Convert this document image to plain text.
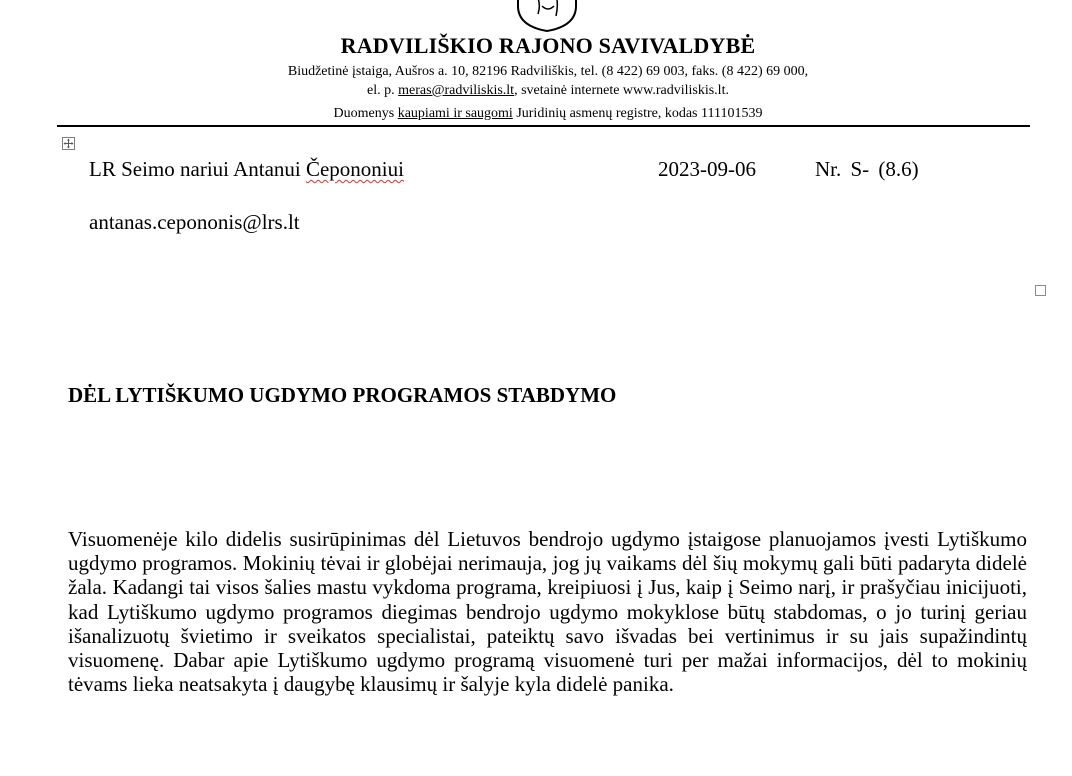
RADVILIŠKIO RAJONO SAVIVALDYBĖ
Biudžetinė įstaiga, Aušros a. 10, 82196 Radviliškis, tel. (8 422) 69 003, faks. (8 422) 69 000,
el. p. meras@radviliskis.lt, svetainė internete www.radviliskis.lt.
Duomenys kaupiami ir saugomi Juridinių asmenų registre, kodas 111101539
LR Seimo nariui Antanui Čepononiui	2023-09-06	Nr. S- (8.6)
antanas.cepononis@lrs.lt
DĖL LYTIŠKUMO UGDYMO PROGRAMOS STABDYMO
Visuomenėje kilo didelis susirūpinimas dėl Lietuvos bendrojo ugdymo įstaigose planuojamos įvesti Lytiškumo ugdymo programos. Mokinių tėvai ir globėjai nerimauja, jog jų vaikams dėl šių mokymų gali būti padaryta didelė žala. Kadangi tai visos šalies mastu vykdoma programa, kreipiuosi į Jus, kaip į Seimo narį, ir prašyčiau inicijuoti, kad Lytiškumo ugdymo programos diegimas bendrojo ugdymo mokyklose būtų stabdomas, o jo turinį geriau išanalizuotų švietimo ir sveikatos specialistai, pateiktų savo išvadas bei vertinimus ir su jais supažindintų visuomenę. Dabar apie Lytiškumo ugdymo programą visuomenė turi per mažai informacijos, dėl to mokinių tėvams lieka neatsakyta į daugybę klausimų ir šalyje kyla didelė panika.
